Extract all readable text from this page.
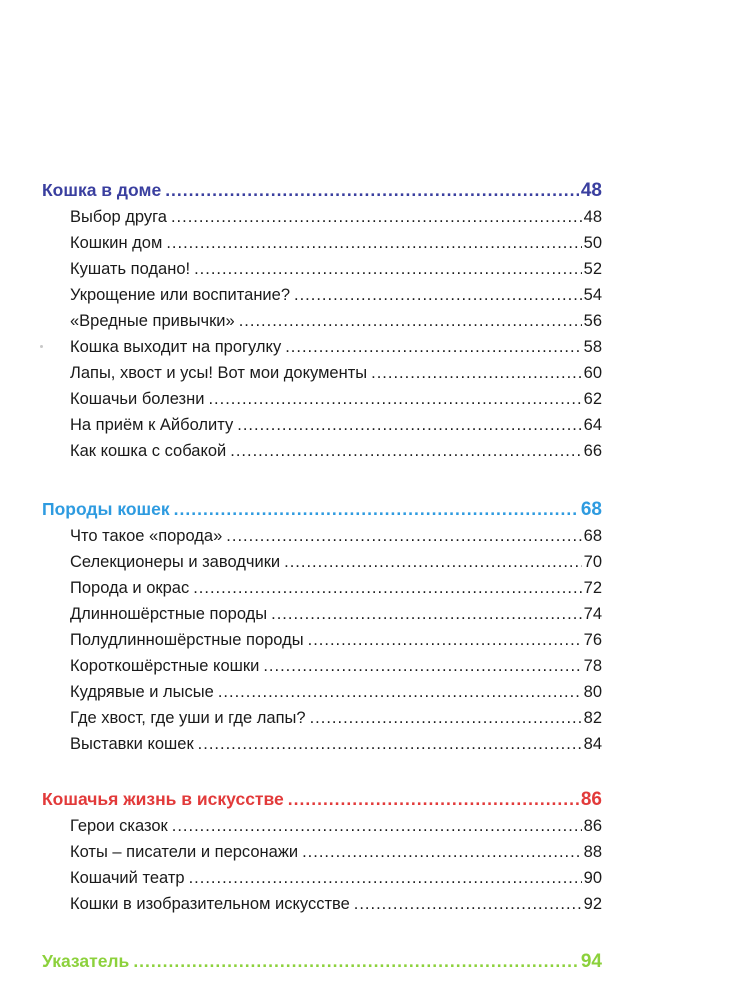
Кошка в доме .....	48
Выбор друга .....	48
Кошкин дом .....	50
Кушать подано! .....	52
Укрощение или воспитание? .....	54
«Вредные привычки» .....	56
Кошка выходит на прогулку .....	58
Лапы, хвост и усы! Вот мои документы .....	60
Кошачьи болезни .....	62
На приём к Айболиту .....	64
Как кошка с собакой .....	66
Породы кошек .....	68
Что такое «порода» .....	68
Селекционеры и заводчики .....	70
Порода и окрас .....	72
Длинношёрстные породы .....	74
Полудлинношёрстные породы .....	76
Короткошёрстные кошки .....	78
Кудрявые и лысые .....	80
Где хвост, где уши и где лапы? .....	82
Выставки кошек .....	84
Кошачья жизнь в искусстве .....	86
Герои сказок .....	86
Коты – писатели и персонажи .....	88
Кошачий театр .....	90
Кошки в изобразительном искусстве .....	92
Указатель .....	94
